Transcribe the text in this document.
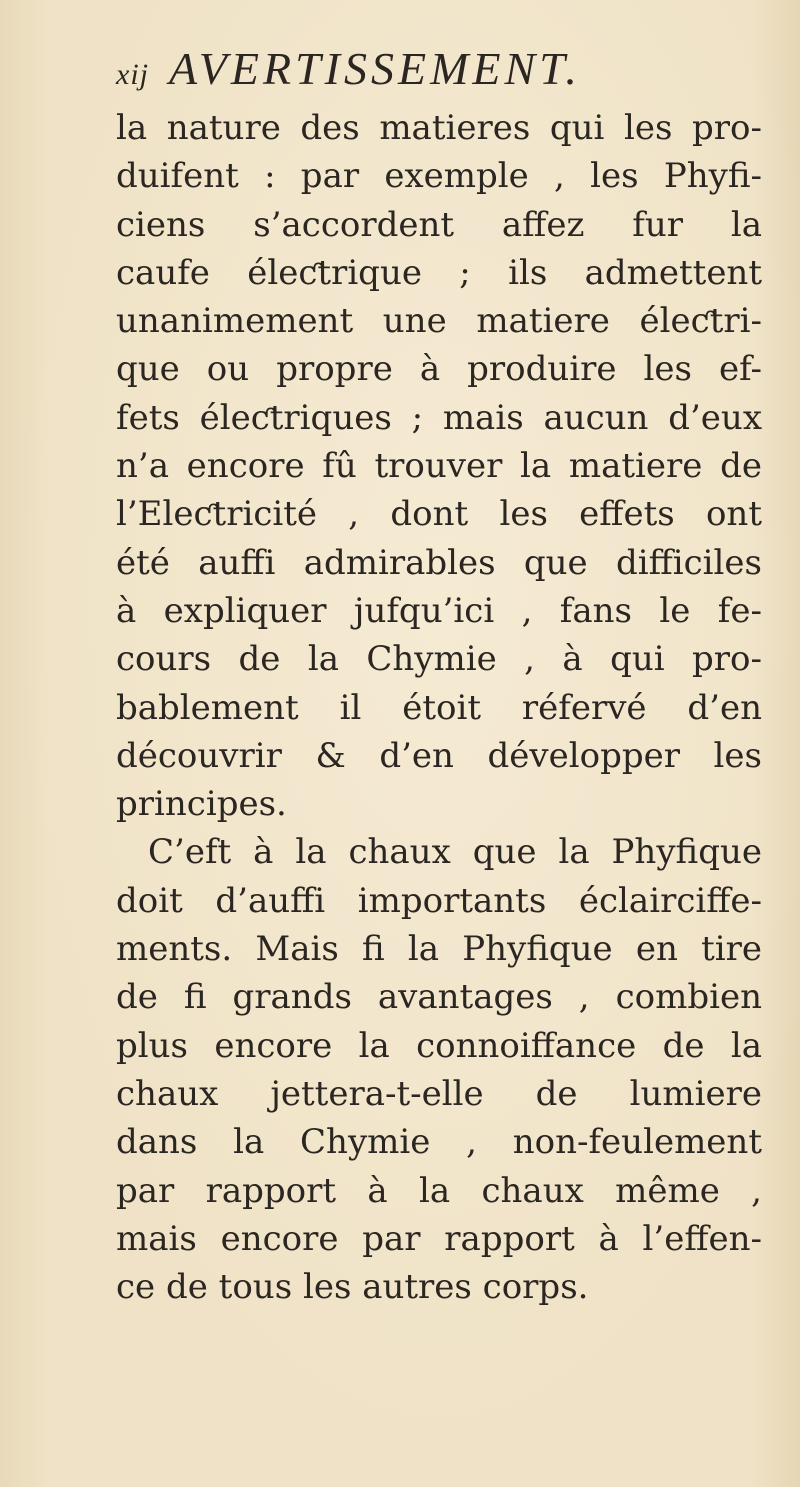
xij AVERTISSEMENT.
la nature des matieres qui les pro-
duifent : par exemple , les Phyfi-
ciens s’accordent affez fur la
caufe éleƈtrique ; ils admettent
unanimement une matiere éleƈtri-
que ou propre à produire les ef-
fets éleƈtriques ; mais aucun d’eux
n’a encore fû trouver la matiere de
l’Eleƈtricité , dont les effets ont
été auffi admirables que difficiles
à expliquer jufqu’ici , fans le fe-
cours de la Chymie , à qui pro-
bablement il étoit réfervé d’en
découvrir & d’en développer les
principes.
C’eft à la chaux que la Phyfique
doit d’auffi importants éclairciffe-
ments. Mais fi la Phyfique en tire
de fi grands avantages , combien
plus encore la connoiffance de la
chaux jettera-t-elle de lumiere
dans la Chymie , non-feulement
par rapport à la chaux même ,
mais encore par rapport à l’effen-
ce de tous les autres corps.
